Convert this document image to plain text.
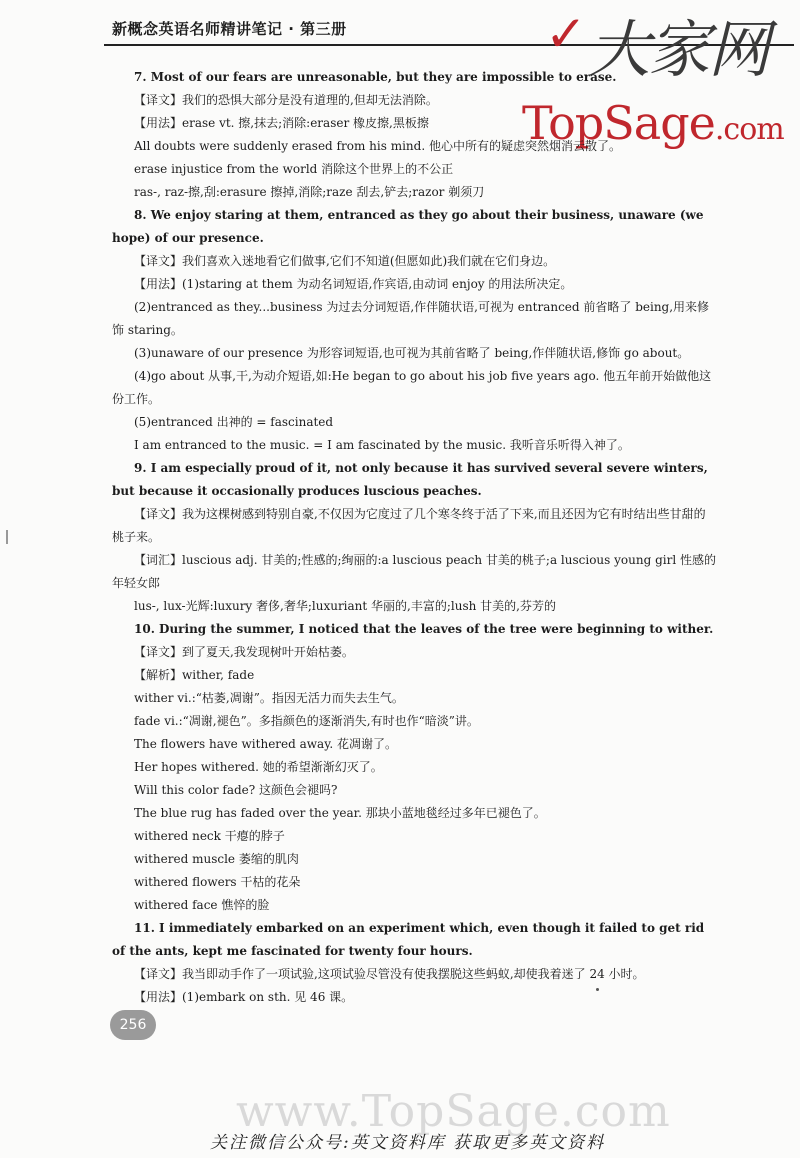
新概念英语名师精讲笔记 · 第三册	✓ 大家网
TopSage.com

7. Most of our fears are unreasonable, but they are impossible to erase.

【译文】我们的恐惧大部分是没有道理的,但却无法消除。

【用法】erase vt. 擦,抹去;消除:eraser 橡皮擦,黑板擦

All doubts were suddenly erased from his mind. 他心中所有的疑虑突然烟消云散了。

erase injustice from the world 消除这个世界上的不公正

ras-, raz-擦,刮:erasure 擦掉,消除;raze 刮去,铲去;razor 剃须刀

8. We enjoy staring at them, entranced as they go about their business, unaware (we hope) of our presence.

【译文】我们喜欢入迷地看它们做事,它们不知道(但愿如此)我们就在它们身边。

【用法】(1)staring at them 为动名词短语,作宾语,由动词 enjoy 的用法所决定。

(2)entranced as they...business 为过去分词短语,作伴随状语,可视为 entranced 前省略了 being,用来修饰 staring。

(3)unaware of our presence 为形容词短语,也可视为其前省略了 being,作伴随状语,修饰 go about。

(4)go about 从事,干,为动介短语,如:He began to go about his job five years ago. 他五年前开始做他这份工作。

(5)entranced 出神的 = fascinated

I am entranced to the music. = I am fascinated by the music. 我听音乐听得入神了。

9. I am especially proud of it, not only because it has survived several severe winters, but because it occasionally produces luscious peaches.

【译文】我为这棵树感到特别自豪,不仅因为它度过了几个寒冬终于活了下来,而且还因为它有时结出些甘甜的桃子来。

【词汇】luscious adj. 甘美的;性感的;绚丽的:a luscious peach 甘美的桃子;a luscious young girl 性感的年轻女郎

lus-, lux-光辉:luxury 奢侈,奢华;luxuriant 华丽的,丰富的;lush 甘美的,芬芳的

10. During the summer, I noticed that the leaves of the tree were beginning to wither.

【译文】到了夏天,我发现树叶开始枯萎。

【解析】wither, fade

wither vi.:“枯萎,凋谢”。指因无活力而失去生气。

fade vi.:“凋谢,褪色”。多指颜色的逐渐消失,有时也作“暗淡”讲。

The flowers have withered away. 花凋谢了。

Her hopes withered. 她的希望渐渐幻灭了。

Will this color fade? 这颜色会褪吗?

The blue rug has faded over the year. 那块小蓝地毯经过多年已褪色了。

withered neck 干瘪的脖子

withered muscle 萎缩的肌肉

withered flowers 干枯的花朵

withered face 憔悴的脸

11. I immediately embarked on an experiment which, even though it failed to get rid of the ants, kept me fascinated for twenty four hours.

【译文】我当即动手作了一项试验,这项试验尽管没有使我摆脱这些蚂蚁,却使我着迷了 24 小时。

【用法】(1)embark on sth. 见 46 课。

256
www.TopSage.com
关注微信公众号:英文资料库 获取更多英文资料
